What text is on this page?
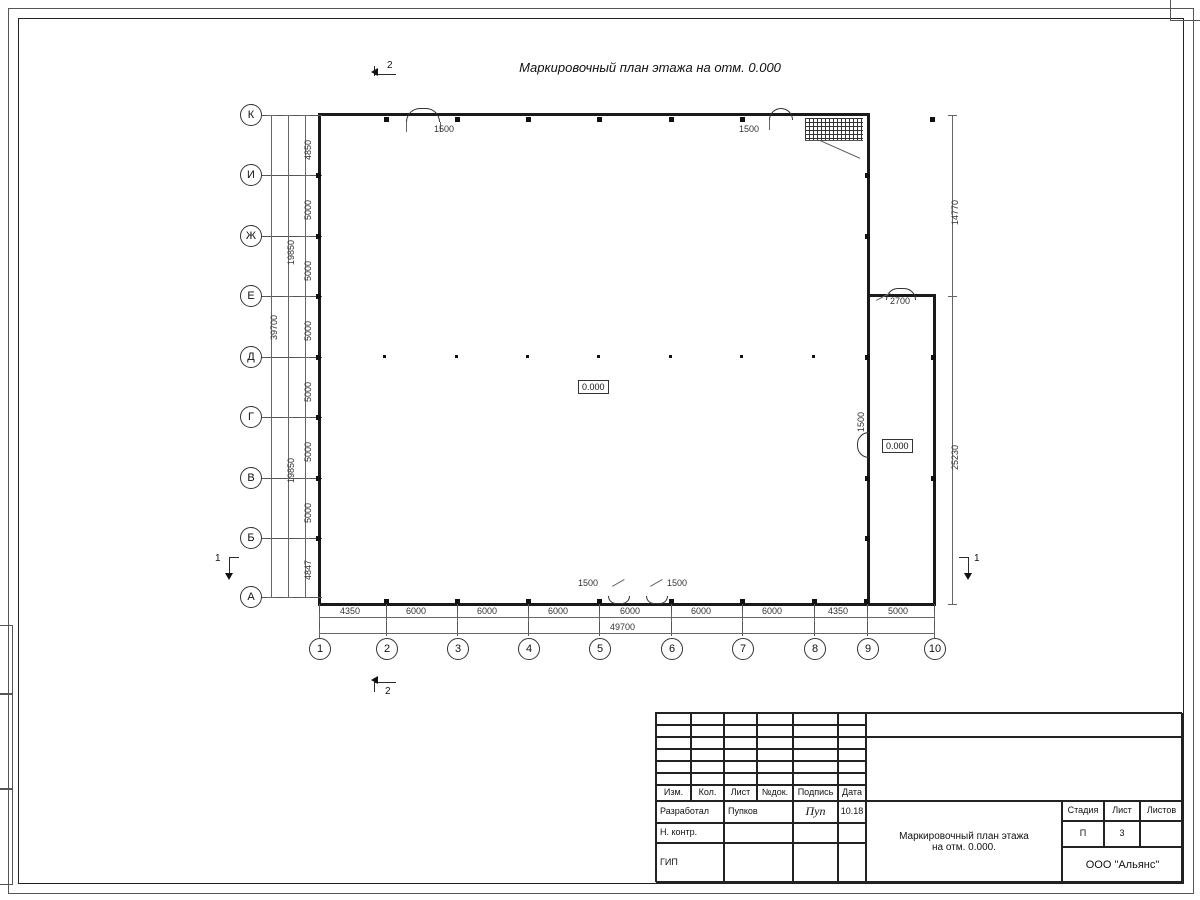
Маркировочный план этажа на отм. 0.000
2
2
1	1
К
И
Ж
Е
Д
Г
В
Б
А
1	2	3	4	5	6	7	8	9	10
4850
5000
5000
5000
5000
5000
5000
4847
19850
19850
39700
14770
25230
4350	6000	6000	6000	6000	6000	6000	4350	5000
49700
1500	1500
2700
1500
1500	1500
0.000
0.000
Изм.	Кол.	Лист	№док.	Подпись Дата
Разработал	Пупков	Пуп	10.18
Н. контр.
ГИП
Маркировочный план этажа
на отм. 0.000.
Стадия	Лист	Листов
П	3
ООО "Альянс"
